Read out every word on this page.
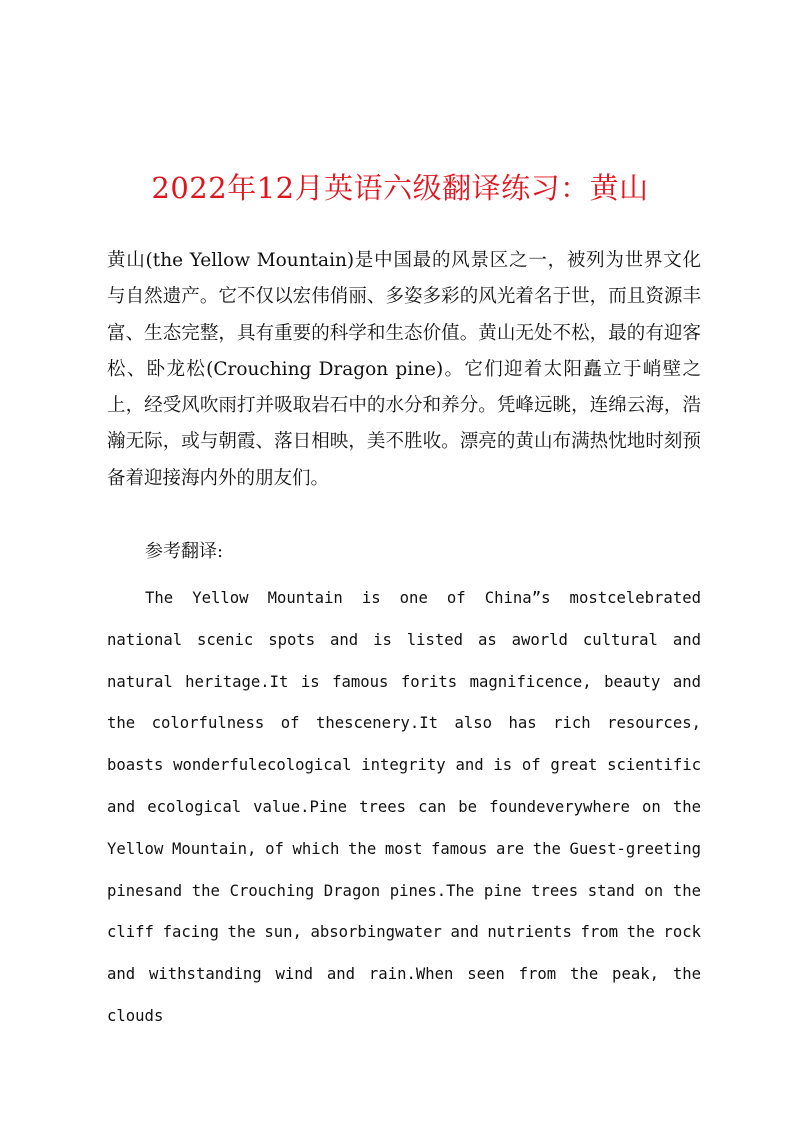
2022年12月英语六级翻译练习：黄山

黄山(the Yellow Mountain)是中国最的风景区之一，被列为世界文化与自然遗产。它不仅以宏伟俏丽、多姿多彩的风光着名于世，而且资源丰富、生态完整，具有重要的科学和生态价值。黄山无处不松，最的有迎客松、卧龙松(Crouching Dragon pine)。它们迎着太阳矗立于峭壁之上，经受风吹雨打并吸取岩石中的水分和养分。凭峰远眺，连绵云海，浩瀚无际，或与朝霞、落日相映，美不胜收。漂亮的黄山布满热忱地时刻预备着迎接海内外的朋友们。

参考翻译:

The Yellow Mountain is one of China”s mostcelebrated national scenic spots and is listed as aworld cultural and natural heritage.It is famous forits magnificence, beauty and the colorfulness of thescenery.It also has rich resources, boasts wonderfulecological integrity and is of great scientific and ecological value.Pine trees can be foundeverywhere on the Yellow Mountain, of which the most famous are the Guest-greeting pinesand the Crouching Dragon pines.The pine trees stand on the cliff facing the sun, absorbingwater and nutrients from the rock and withstanding wind and rain.When seen from the peak, the clouds
